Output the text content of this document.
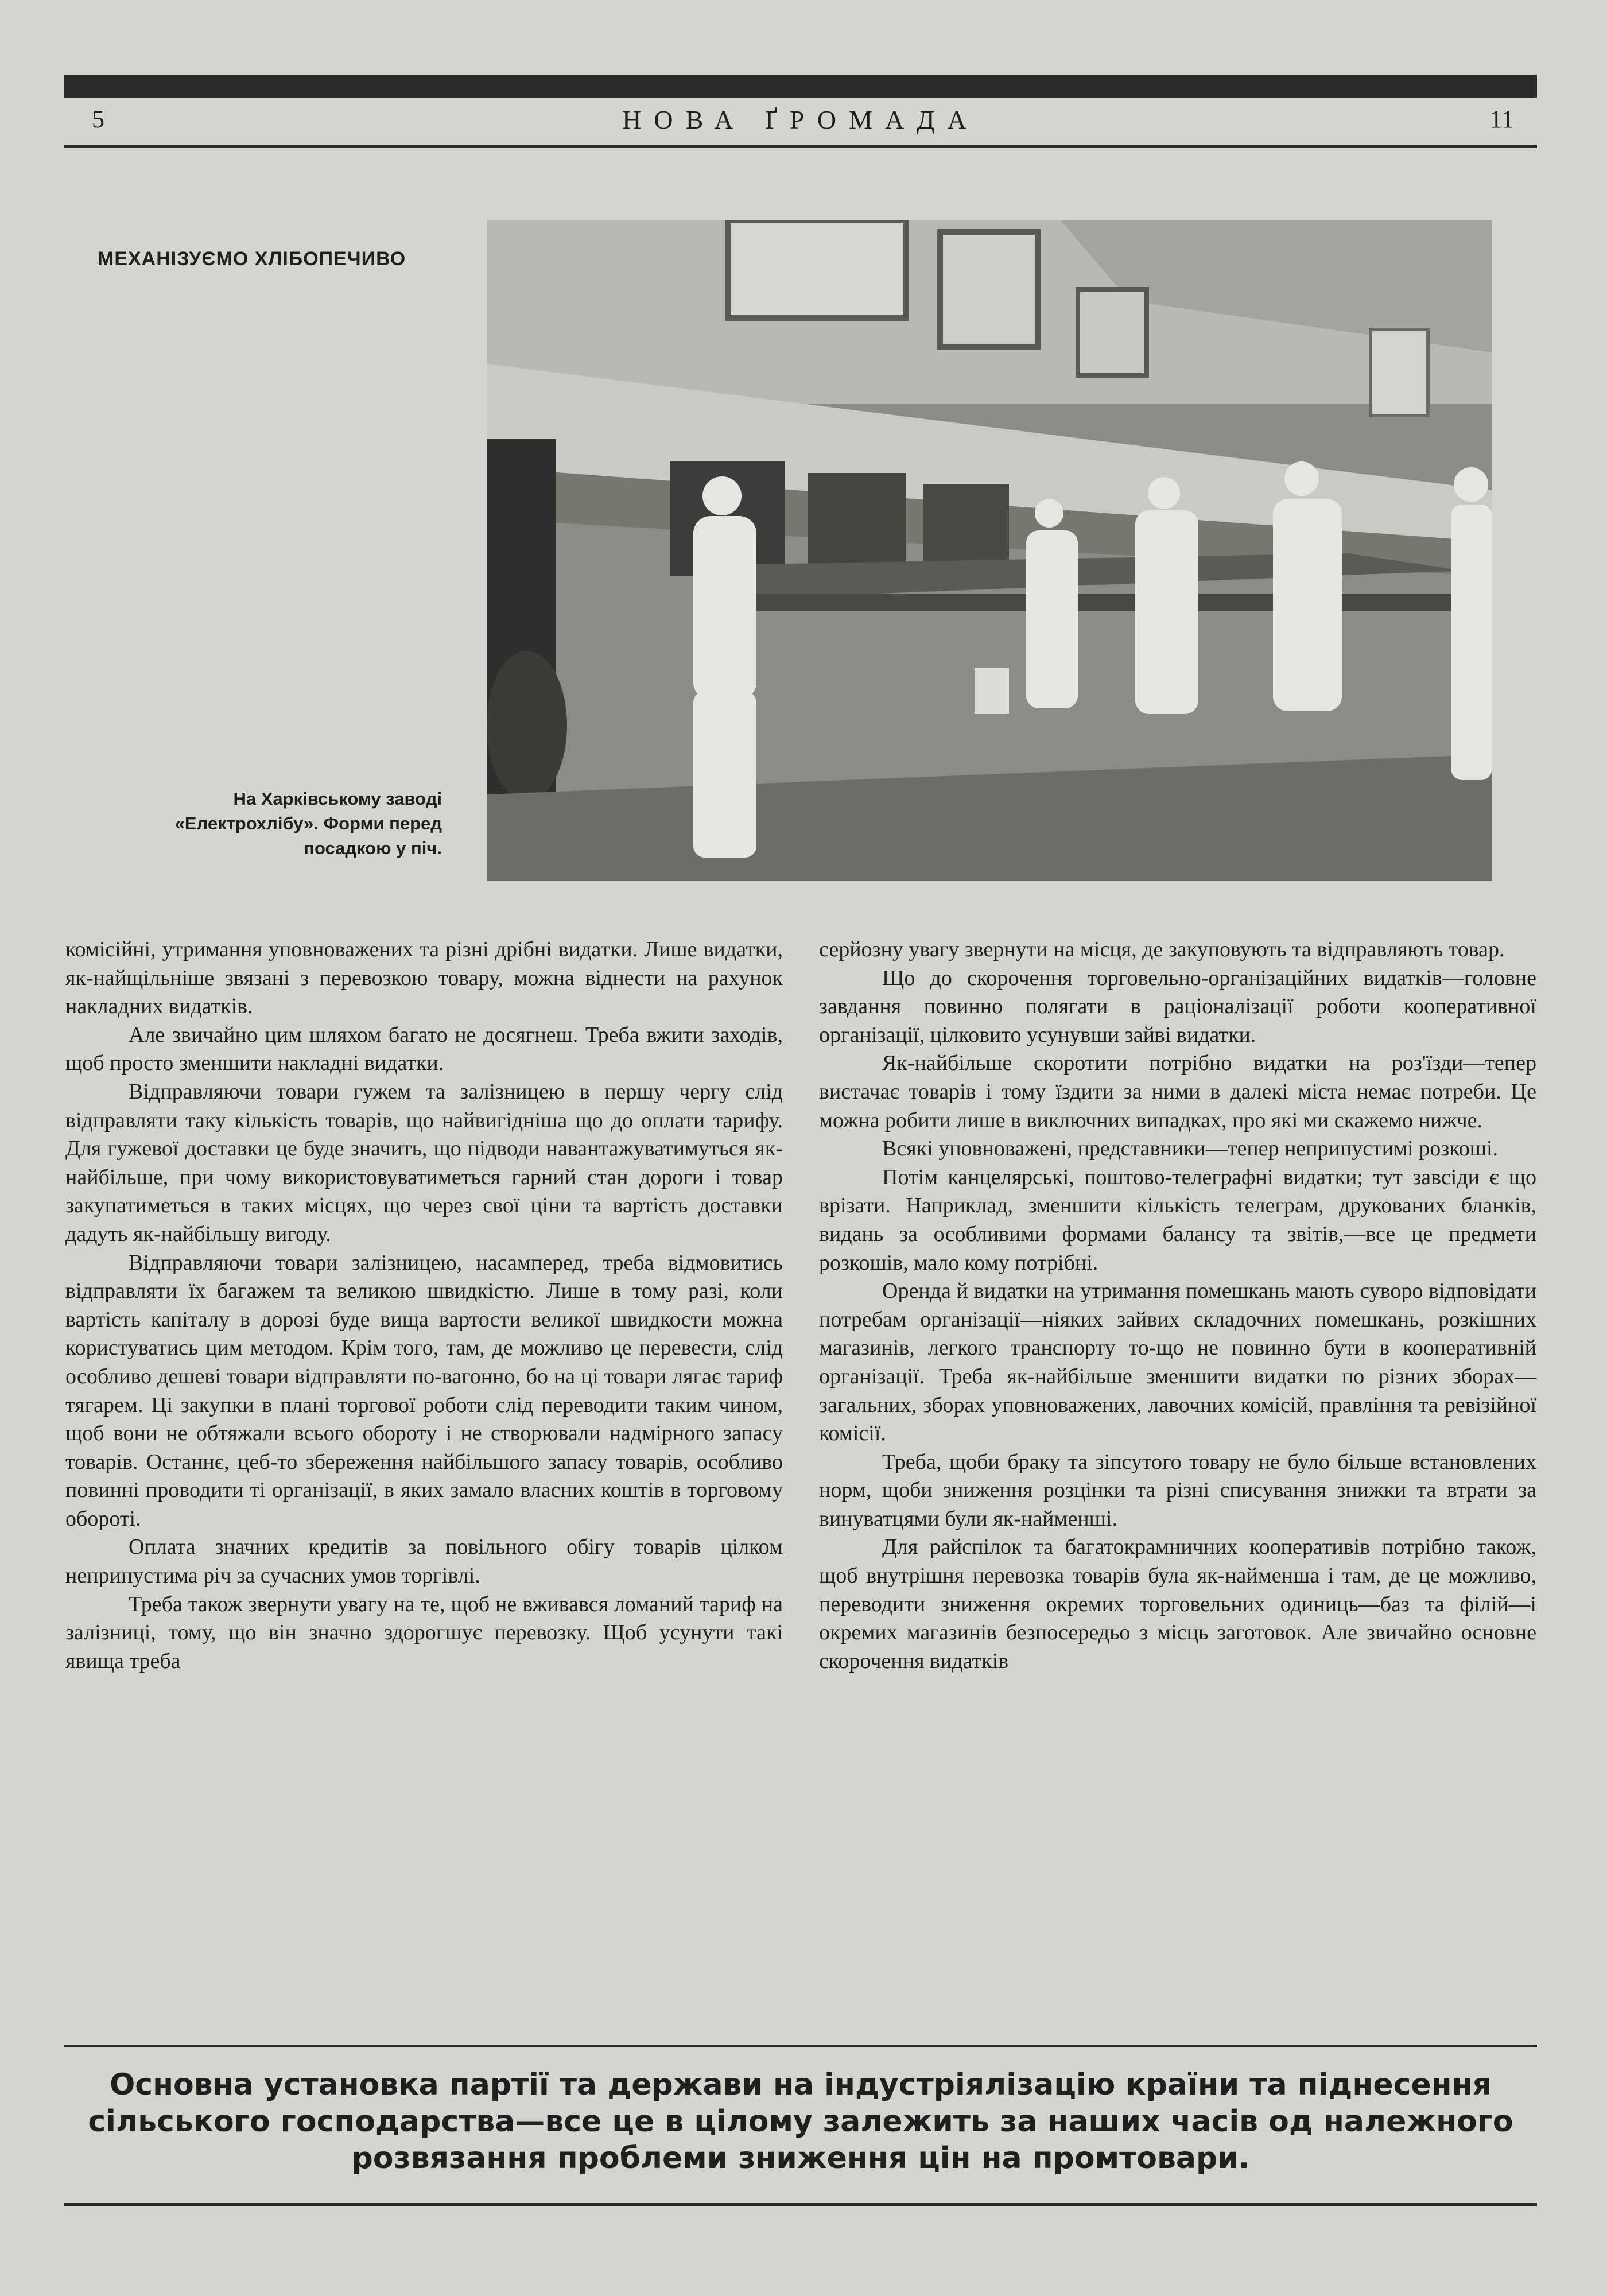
5	НОВА ҐРОМАДА	11
МЕХАНІЗУЄМО ХЛІБОПЕЧИВО

На Харківському заводі

«Електрохлібу». Форми перед

посадкою у піч.

комісійні, утримання уповноважених та різні дрібні видатки. Лише видатки, як-найщільніше звязані з перевозкою товару, можна віднести на рахунок накладних видатків.

Але звичайно цим шляхом багато не досягнеш. Треба вжити заходів, щоб просто зменшити накладні видатки.

Відправляючи товари гужем та залізницею в першу чергу слід відправляти таку кількість товарів, що найвигідніша що до оплати тарифу. Для гужевої доставки це буде значить, що підводи навантажуватимуться як-найбільше, при чому використовуватиметься гарний стан дороги і товар закупатиметься в таких місцях, що через свої ціни та вартість доставки дадуть як-найбільшу вигоду.

Відправляючи товари залізницею, насамперед, треба відмовитись відправляти їх багажем та великою швидкістю. Лише в тому разі, коли вартість капіталу в дорозі буде вища вартости великої швидкости можна користуватись цим методом. Крім того, там, де можливо це перевести, слід особливо дешеві товари відправляти по-вагонно, бо на ці товари лягає тариф тягарем. Ці закупки в плані торгової роботи слід переводити таким чином, щоб вони не обтяжали всього обороту і не створювали надмірного запасу товарів. Останнє, цеб-то збереження найбільшого запасу товарів, особливо повинні проводити ті організації, в яких замало власних коштів в торговому обороті.

Оплата значних кредитів за повільного обігу товарів цілком неприпустима річ за сучасних умов торгівлі.

Треба також звернути увагу на те, щоб не вживався ломаний тариф на залізниці, тому, що він значно здорогшує перевозку. Щоб усунути такі явища треба

серйозну увагу звернути на місця, де закуповують та відправляють товар.

Що до скорочення торговельно-організаційних видатків—головне завдання повинно полягати в раціоналізації роботи кооперативної організації, цілковито усунувши зайві видатки.

Як-найбільше скоротити потрібно видатки на роз'їзди—тепер вистачає товарів і тому їздити за ними в далекі міста немає потреби. Це можна робити лише в виключних випадках, про які ми скажемо нижче.

Всякі уповноважені, представники—тепер неприпустимі розкоші.

Потім канцелярські, поштово-телеграфні видатки; тут завсіди є що врізати. Наприклад, зменшити кількість телеграм, друкованих бланків, видань за особливими формами балансу та звітів,—все це предмети розкошів, мало кому потрібні.

Оренда й видатки на утримання помешкань мають суворо відповідати потребам організації—ніяких зайвих складочних помешкань, розкішних магазинів, легкого транспорту то-що не повинно бути в кооперативній організації. Треба як-найбільше зменшити видатки по різних зборах—загальних, зборах уповноважених, лавочних комісій, правління та ревізійної комісії.

Треба, щоби браку та зіпсутого товару не було більше встановлених норм, щоби зниження розцінки та різні списування знижки та втрати за винуватцями були як-найменші.

Для райспілок та багатокрамничних кооперативів потрібно також, щоб внутрішня перевозка товарів була як-найменша і там, де це можливо, переводити зниження окремих торговельних одиниць—баз та філій—і окремих магазинів безпосередьо з місць заготовок. Але звичайно основне скорочення видатків

Основна установка партії та держави на індустріялізацію країни та піднесення сільського господарства—все це в цілому залежить за наших часів од належного розвязання проблеми зниження цін на промтовари.
